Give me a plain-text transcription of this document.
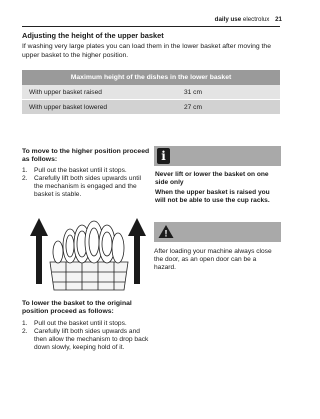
daily use electrolux 21
Adjusting the height of the upper basket
If washing very large plates you can load them in the lower basket after moving the upper basket to the higher position.
Maximum height of the dishes in the lower basket
With upper basket raised	31 cm
With upper basket lowered	27 cm
To move to the higher position proceed as follows:
1. Pull out the basket until it stops.
2. Carefully lift both sides upwards until the mechanism is engaged and the basket is stable.
i
Never lift or lower the basket on one side only
When the upper basket is raised you will not be able to use the cup racks.
!
After loading your machine always close the door, as an open door can be a hazard.
To lower the basket to the original position proceed as follows:
1. Pull out the basket until it stops.
2. Carefully lift both sides upwards and then allow the mechanism to drop back down slowly, keeping hold of it.
